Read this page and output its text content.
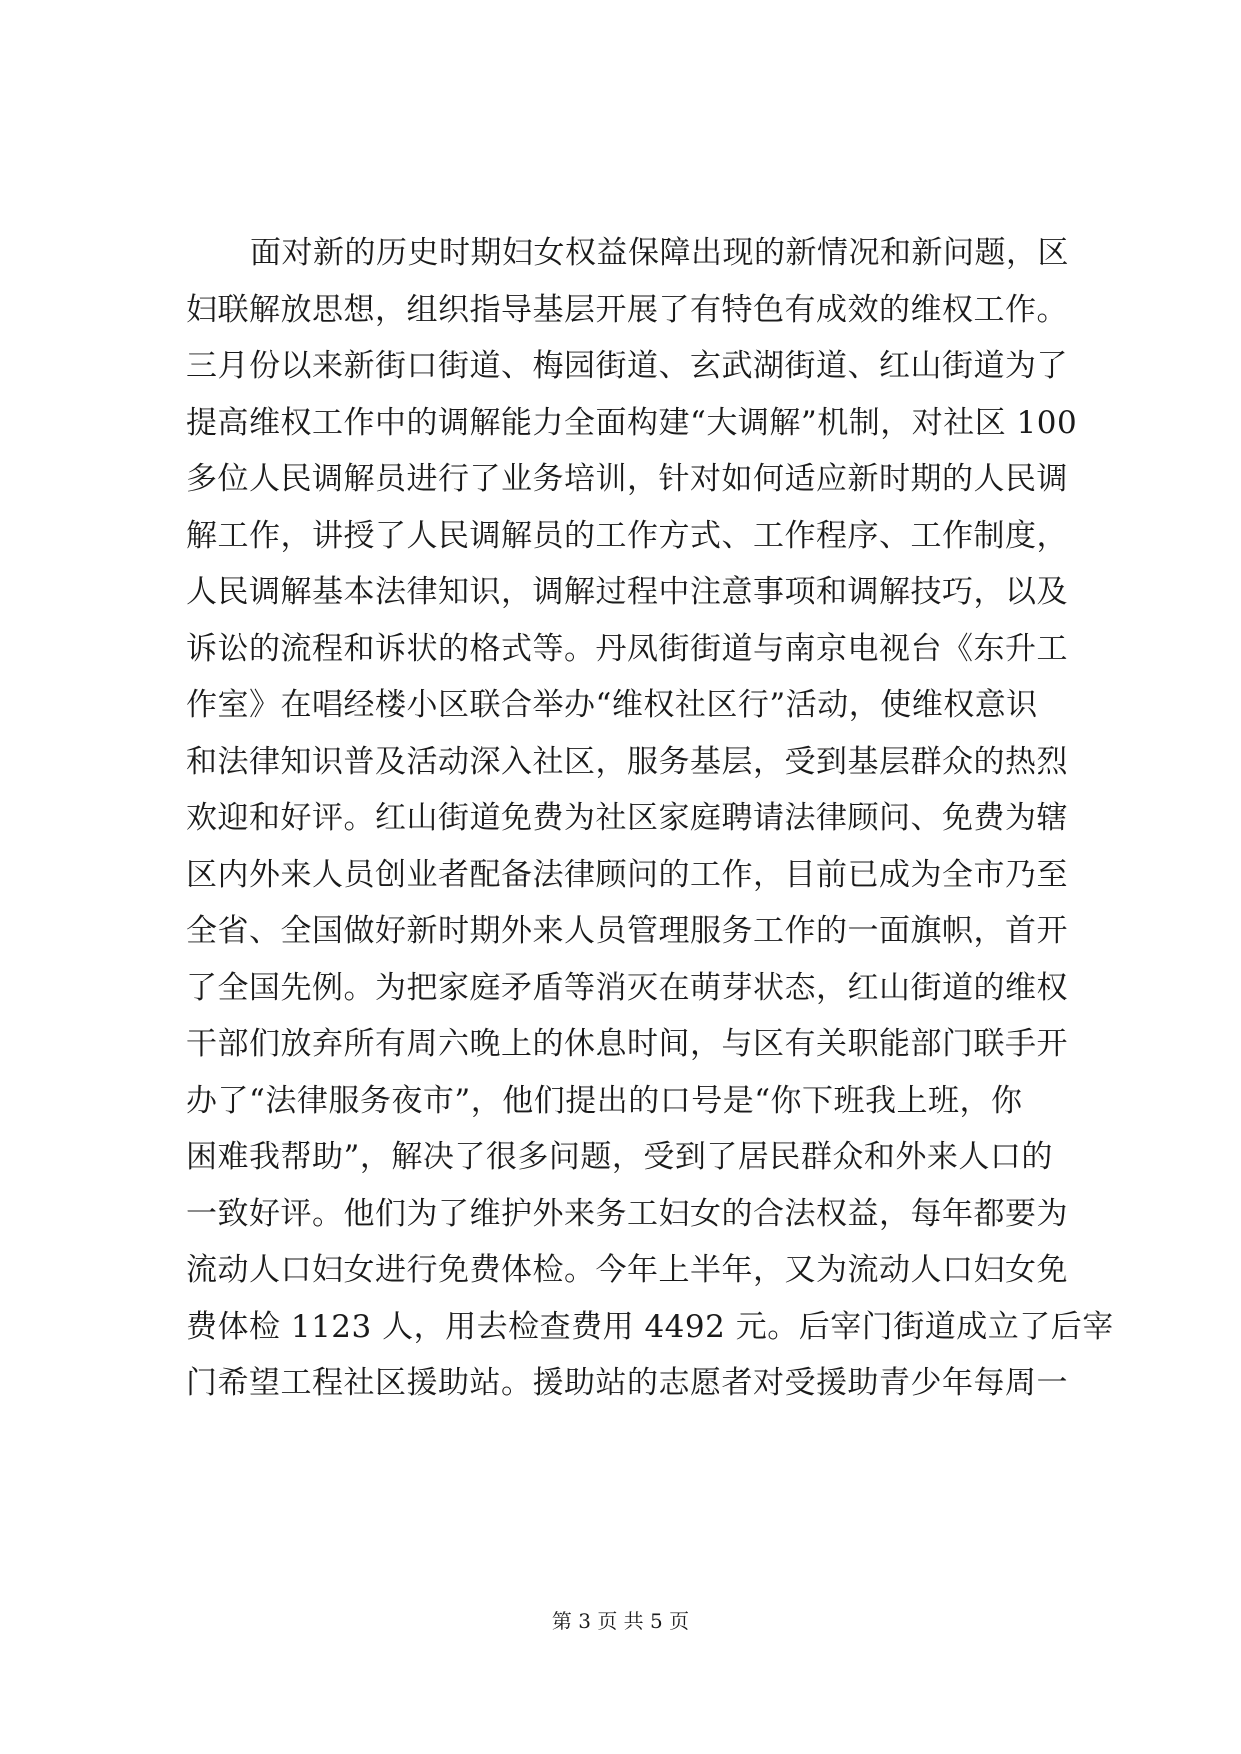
面对新的历史时期妇女权益保障出现的新情况和新问题，区
妇联解放思想，组织指导基层开展了有特色有成效的维权工作。
三月份以来新街口街道、梅园街道、玄武湖街道、红山街道为了
提高维权工作中的调解能力全面构建“大调解”机制，对社区 100
多位人民调解员进行了业务培训，针对如何适应新时期的人民调
解工作，讲授了人民调解员的工作方式、工作程序、工作制度，
人民调解基本法律知识，调解过程中注意事项和调解技巧，以及
诉讼的流程和诉状的格式等。丹凤街街道与南京电视台《东升工
作室》在唱经楼小区联合举办“维权社区行”活动，使维权意识
和法律知识普及活动深入社区，服务基层，受到基层群众的热烈
欢迎和好评。红山街道免费为社区家庭聘请法律顾问、免费为辖
区内外来人员创业者配备法律顾问的工作，目前已成为全市乃至
全省、全国做好新时期外来人员管理服务工作的一面旗帜，首开
了全国先例。为把家庭矛盾等消灭在萌芽状态，红山街道的维权
干部们放弃所有周六晚上的休息时间，与区有关职能部门联手开
办了“法律服务夜市”，他们提出的口号是“你下班我上班，你
困难我帮助”，解决了很多问题，受到了居民群众和外来人口的
一致好评。他们为了维护外来务工妇女的合法权益，每年都要为
流动人口妇女进行免费体检。今年上半年，又为流动人口妇女免
费体检 1123 人，用去检查费用 4492 元。后宰门街道成立了后宰
门希望工程社区援助站。援助站的志愿者对受援助青少年每周一
第 3 页 共 5 页
